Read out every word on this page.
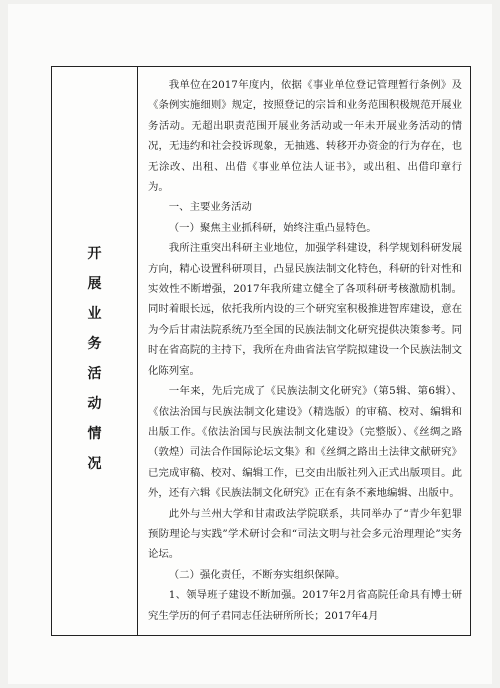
开
展
业
务
活
动
情
况

我单位在2017年度内，依据《事业单位登记管理暂行条例》及《条例实施细则》规定，按照登记的宗旨和业务范围积极规范开展业务活动。无超出职责范围开展业务活动或一年未开展业务活动的情况，无违约和社会投诉现象，无抽逃、转移开办资金的行为存在，也无涂改、出租、出借《事业单位法人证书》，或出租、出借印章行为。

一、主要业务活动

（一）聚焦主业抓科研，始终注重凸显特色。

我所注重突出科研主业地位，加强学科建设，科学规划科研发展方向，精心设置科研项目，凸显民族法制文化特色，科研的针对性和实效性不断增强，2017年我所建立健全了各项科研考核激励机制。同时着眼长远，依托我所内设的三个研究室积极推进智库建设，意在为今后甘肃法院系统乃至全国的民族法制文化研究提供决策参考。同时在省高院的主持下，我所在舟曲省法官学院拟建设一个民族法制文化陈列室。

一年来，先后完成了《民族法制文化研究》（第5辑、第6辑）、《依法治国与民族法制文化建设》（精选版）的审稿、校对、编辑和出版工作。《依法治国与民族法制文化建设》（完整版）、《丝绸之路（敦煌）司法合作国际论坛文集》和《丝绸之路出土法律文献研究》已完成审稿、校对、编辑工作，已交由出版社列入正式出版项目。此外，还有六辑《民族法制文化研究》正在有条不紊地编辑、出版中。

此外与兰州大学和甘肃政法学院联系，共同举办了“青少年犯罪预防理论与实践”学术研讨会和“司法文明与社会多元治理理论”实务论坛。

（二）强化责任，不断夯实组织保障。

1、领导班子建设不断加强。2017年2月省高院任命具有博士研究生学历的何子君同志任法研所所长；2017年4月
